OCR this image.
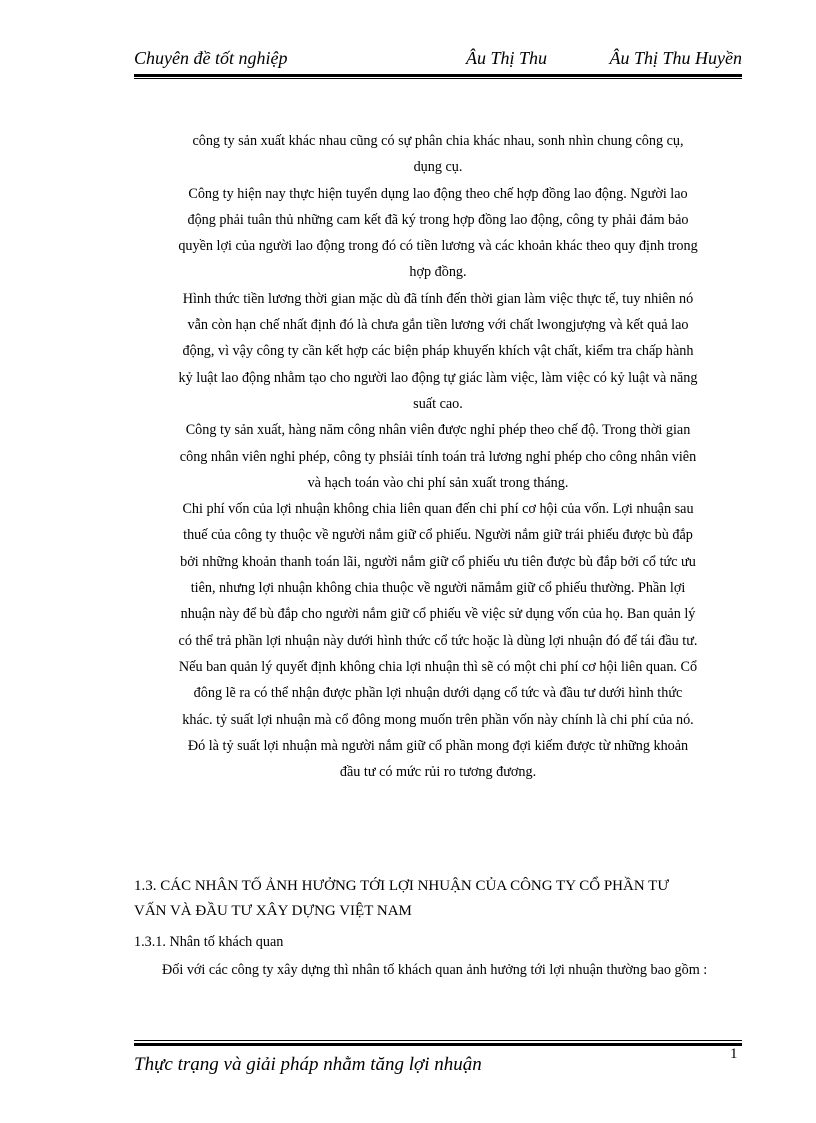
Chuyên đề tốt nghiệp	Âu Thị Thu	Âu Thị Thu Huyền

công ty sản xuất khác nhau cũng có sự phân chia khác nhau, sonh nhìn chung công cụ,
dụng cụ.

Công ty hiện nay thực hiện tuyển dụng lao động theo chế hợp đồng lao động. Người lao
động phải tuân thủ những cam kết đã ký trong hợp đồng lao động, công ty phải đảm bảo
quyền lợi của người lao động trong đó có tiền lương và các khoản khác theo quy định trong
hợp đồng.

Hình thức tiền lương thời gian mặc dù đã tính đến thời gian làm việc thực tế, tuy nhiên nó
vẫn còn hạn chế nhất định đó là chưa gắn tiền lương với chất lwongjượng và kết quả lao
động, vì vậy công ty cần kết hợp các biện pháp khuyến khích vật chất, kiểm tra chấp hành
kỷ luật lao động nhằm tạo cho người lao động tự giác làm việc, làm việc có kỷ luật và năng
suất cao.

Công ty sản xuất, hàng năm công nhân viên được nghỉ phép theo chế độ. Trong thời gian
công nhân viên nghỉ phép, công ty phsỉải tính toán trả lương nghỉ phép cho công nhân viên
và hạch toán vào chi phí sản xuất trong tháng.

Chi phí vốn của lợi nhuận không chia liên quan đến chi phí cơ hội của vốn. Lợi nhuận sau
thuế của công ty thuộc về người nắm giữ cổ phiếu. Người nắm giữ trái phiếu được bù đắp
bởi những khoản thanh toán lãi, người nắm giữ cổ phiếu ưu tiên được bù đắp bởi cổ tức ưu
tiên, nhưng lợi nhuận không chia thuộc về người nămắm giữ cổ phiếu thường. Phần lợi
nhuận này để bù đắp cho người nắm giữ cổ phiếu về việc sử dụng vốn của họ. Ban quản lý
có thể trả phần lợi nhuận này dưới hình thức cổ tức hoặc là dùng lợi nhuận đó để tái đầu tư.
Nếu ban quản lý quyết định không chia lợi nhuận thì sẽ có một chi phí cơ hội liên quan. Cổ
đông lẽ ra có thể nhận được phần lợi nhuận dưới dạng cổ tức và đầu tư dưới hình thức
khác. tỷ suất lợi nhuận mà cổ đông mong muốn trên phần vốn này chính là chi phí của nó.
Đó là tỷ suất lợi nhuận mà người nắm giữ cổ phần mong đợi kiếm được từ những khoản
đầu tư có mức rủi ro tương đương.

1.3. CÁC NHÂN TỐ ẢNH HƯỞNG TỚI LỢI NHUẬN CỦA CÔNG TY CỔ PHẦN TƯ
VẤN VÀ ĐẦU TƯ XÂY DỰNG VIỆT NAM
1.3.1. Nhân tố khách quan
Đối với các công ty xây dựng thì nhân tố khách quan ảnh hưởng tới lợi nhuận thường bao gồm :
Thực trạng và giải pháp nhằm tăng lợi nhuận	1
